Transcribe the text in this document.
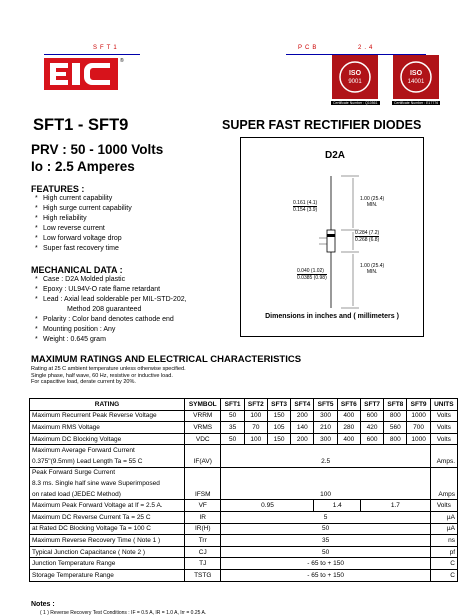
SFT1	PCB	2.4
®
ISO
9001
Certificate Number : Q10561
ISO
14001
Certificate Number : E17776
SFT1 - SFT9	SUPER FAST RECTIFIER DIODES
PRV : 50 - 1000 Volts
Io : 2.5 Amperes
FEATURES :
* High current capability
* High surge current capability
* High reliability
* Low reverse current
* Low forward voltage drop
* Super fast recovery time
MECHANICAL DATA :
* Case : D2A Molded plastic
* Epoxy : UL94V-O rate flame retardant
* Lead : Axial lead solderable per MIL-STD-202,
Method 208 guaranteed
* Polarity : Color band denotes cathode end
* Mounting position : Any
* Weight : 0.645 gram
D2A
1.00 (25.4)
MIN.
0.161 (4.1)
0.154 (3.9)
0.284 (7.2)
0.268 (6.8)
1.00 (25.4)
MIN.
0.040 (1.02)
0.0385 (0.98)
Dimensions in inches and ( millimeters )
MAXIMUM RATINGS AND ELECTRICAL CHARACTERISTICS
Rating at 25 C ambient temperature unless otherwise specified.
Single phase, half wave, 60 Hz, resistive or inductive load.
For capacitive load, derate current by 20%.
RATING	SYMBOL	SFT1	SFT2	SFT3	SFT4	SFT5	SFT6	SFT7	SFT8	SFT9	UNITS
Maximum Recurrent Peak Reverse Voltage	VRRM	50	100	150	200	300	400	600	800	1000	Volts
Maximum RMS Voltage	VRMS	35	70	105	140	210	280	420	560	700	Volts
Maximum DC Blocking Voltage	VDC	50	100	150	200	300	400	600	800	1000	Volts
Maximum Average Forward Current											
0.375"(9.5mm) Lead Length Ta = 55 C	IF(AV)	2.5									Amps.
Peak Forward Surge Current											
8.3 ms. Single half sine wave Superimposed											
on rated load (JEDEC Method)	IFSM	100									Amps
Maximum Peak Forward Voltage at If = 2.5 A.	VF	0.95				1.4		1.7			Volts
Maximum DC Reverse Current Ta = 25 C	IR	5									µA
at Rated DC Blocking Voltage Ta = 100 C	IR(H)	50									µA
Maximum Reverse Recovery Time ( Note 1 )	Trr	35									ns
Typical Junction Capacitance ( Note 2 )	CJ	50									pf
Junction Temperature Range	TJ	- 65 to + 150									C
Storage Temperature Range	TSTG	- 65 to + 150									C
Notes :
( 1 ) Reverse Recovery Test Conditions : IF = 0.5 A, IR = 1.0 A, Irr = 0.25 A.
